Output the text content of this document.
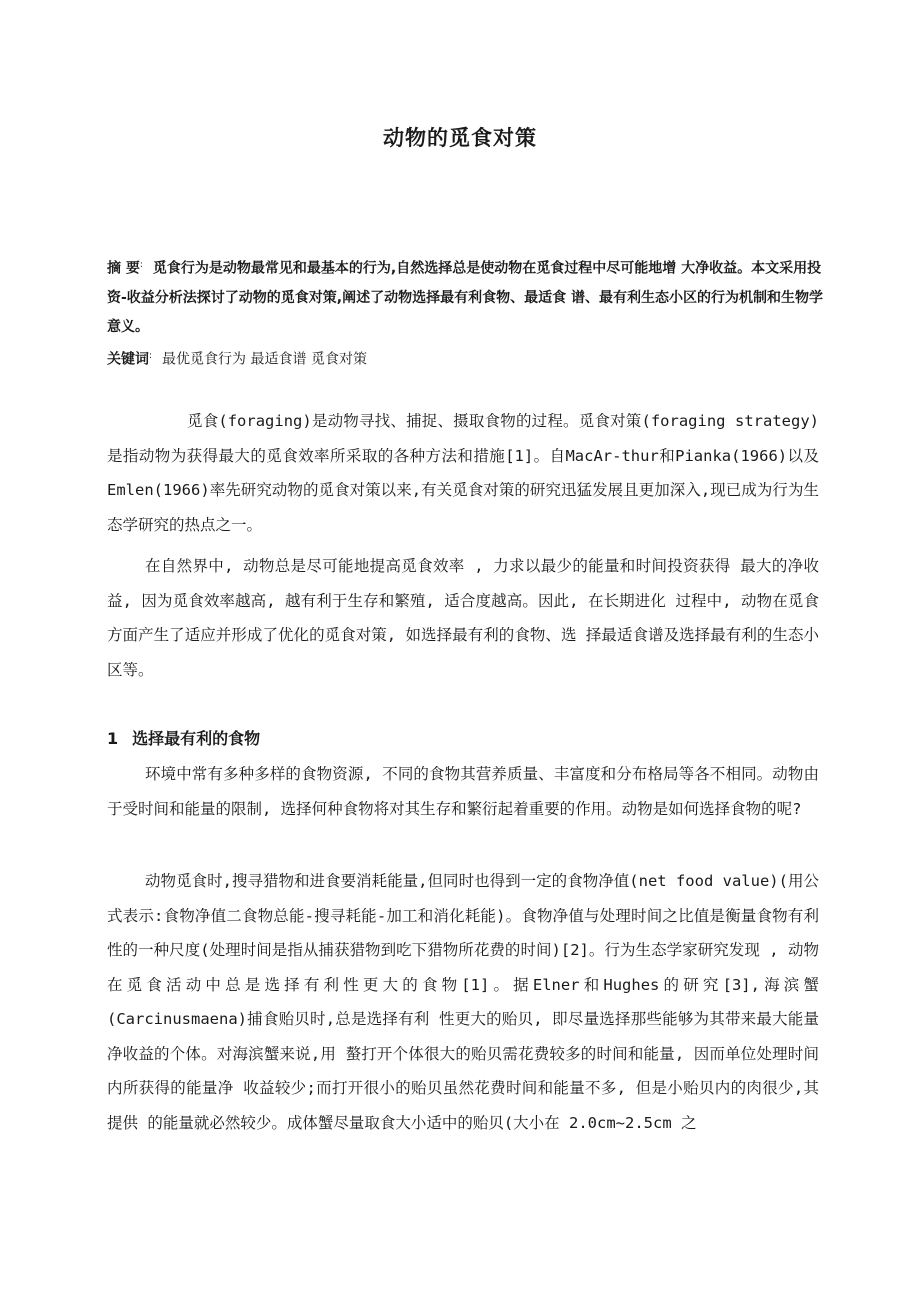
动物的觅食对策
摘 要: 觅食行为是动物最常见和最基本的行为,自然选择总是使动物在觅食过程中尽可能地增 大净收益。本文采用投资-收益分析法探讨了动物的觅食对策,阐述了动物选择最有利食物、最适食 谱、最有利生态小区的行为机制和生物学意义。
关键词: 最优觅食行为 最适食谱 觅食对策
觅食(foraging)是动物寻找、捕捉、摄取食物的过程。觅食对策(foraging strategy)是指动物为获得最大的觅食效率所采取的各种方法和措施[1]。自MacAr-thur和Pianka(1966)以及Emlen(1966)率先研究动物的觅食对策以来,有关觅食对策的研究迅猛发展且更加深入,现已成为行为生态学研究的热点之一。
在自然界中, 动物总是尽可能地提高觅食效率 , 力求以最少的能量和时间投资获得 最大的净收益, 因为觅食效率越高, 越有利于生存和繁殖, 适合度越高。因此, 在长期进化 过程中, 动物在觅食方面产生了适应并形成了优化的觅食对策, 如选择最有利的食物、选 择最适食谱及选择最有利的生态小区等。
1 选择最有利的食物
环境中常有多种多样的食物资源, 不同的食物其营养质量、丰富度和分布格局等各不相同。动物由于受时间和能量的限制, 选择何种食物将对其生存和繁衍起着重要的作用。动物是如何选择食物的呢?
动物觅食时,搜寻猎物和进食要消耗能量,但同时也得到一定的食物净值(net food value)(用公式表示:食物净值二食物总能-搜寻耗能-加工和消化耗能)。食物净值与处理时间之比值是衡量食物有利性的一种尺度(处理时间是指从捕获猎物到吃下猎物所花费的时间)[2]。行为生态学家研究发现 , 动物在觅食活动中总是选择有利性更大的食物[1]。据Elner和Hughes的研究[3],海滨蟹(Carcinusmaena)捕食贻贝时,总是选择有利 性更大的贻贝, 即尽量选择那些能够为其带来最大能量净收益的个体。对海滨蟹来说,用 螯打开个体很大的贻贝需花费较多的时间和能量, 因而单位处理时间内所获得的能量净 收益较少;而打开很小的贻贝虽然花费时间和能量不多, 但是小贻贝内的肉很少,其提供 的能量就必然较少。成体蟹尽量取食大小适中的贻贝(大小在 2.0cm~2.5cm 之
